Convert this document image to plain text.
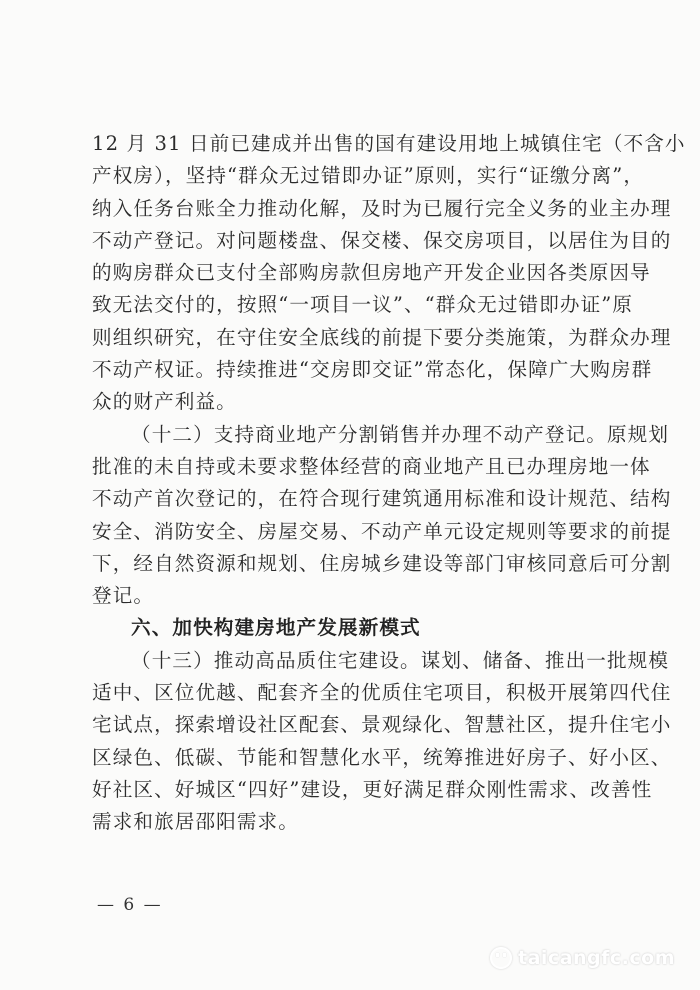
12 月 31 日前已建成并出售的国有建设用地上城镇住宅（不含小
产权房），坚持“群众无过错即办证”原则，实行“证缴分离”，
纳入任务台账全力推动化解，及时为已履行完全义务的业主办理
不动产登记。对问题楼盘、保交楼、保交房项目，以居住为目的
的购房群众已支付全部购房款但房地产开发企业因各类原因导
致无法交付的，按照“一项目一议”、“群众无过错即办证”原
则组织研究，在守住安全底线的前提下要分类施策，为群众办理
不动产权证。持续推进“交房即交证”常态化，保障广大购房群
众的财产利益。
（十二）支持商业地产分割销售并办理不动产登记。原规划
批准的未自持或未要求整体经营的商业地产且已办理房地一体
不动产首次登记的，在符合现行建筑通用标准和设计规范、结构
安全、消防安全、房屋交易、不动产单元设定规则等要求的前提
下，经自然资源和规划、住房城乡建设等部门审核同意后可分割
登记。
六、加快构建房地产发展新模式
（十三）推动高品质住宅建设。谋划、储备、推出一批规模
适中、区位优越、配套齐全的优质住宅项目，积极开展第四代住
宅试点，探索增设社区配套、景观绿化、智慧社区，提升住宅小
区绿色、低碳、节能和智慧化水平，统筹推进好房子、好小区、
好社区、好城区“四好”建设，更好满足群众刚性需求、改善性
需求和旅居邵阳需求。
— 6 —
taicangfc.com
